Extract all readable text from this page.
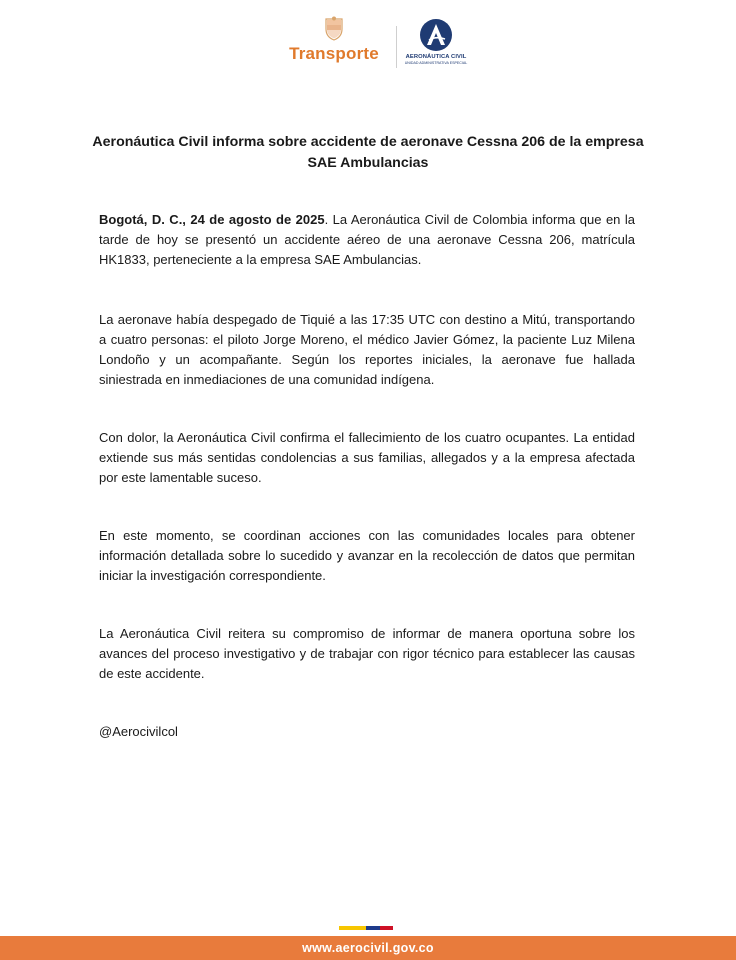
Transporte	AERONÁUTICA CIVIL
UNIDAD ADMINISTRATIVA ESPECIAL
Aeronáutica Civil informa sobre accidente de aeronave Cessna 206 de la empresa SAE Ambulancias

Bogotá, D. C., 24 de agosto de 2025. La Aeronáutica Civil de Colombia informa que en la tarde de hoy se presentó un accidente aéreo de una aeronave Cessna 206, matrícula HK1833, perteneciente a la empresa SAE Ambulancias.

La aeronave había despegado de Tiquié a las 17:35 UTC con destino a Mitú, transportando a cuatro personas: el piloto Jorge Moreno, el médico Javier Gómez, la paciente Luz Milena Londoño y un acompañante. Según los reportes iniciales, la aeronave fue hallada siniestrada en inmediaciones de una comunidad indígena.

Con dolor, la Aeronáutica Civil confirma el fallecimiento de los cuatro ocupantes. La entidad extiende sus más sentidas condolencias a sus familias, allegados y a la empresa afectada por este lamentable suceso.

En este momento, se coordinan acciones con las comunidades locales para obtener información detallada sobre lo sucedido y avanzar en la recolección de datos que permitan iniciar la investigación correspondiente.

La Aeronáutica Civil reitera su compromiso de informar de manera oportuna sobre los avances del proceso investigativo y de trabajar con rigor técnico para establecer las causas de este accidente.

@Aerocivilcol

www.aerocivil.gov.co
